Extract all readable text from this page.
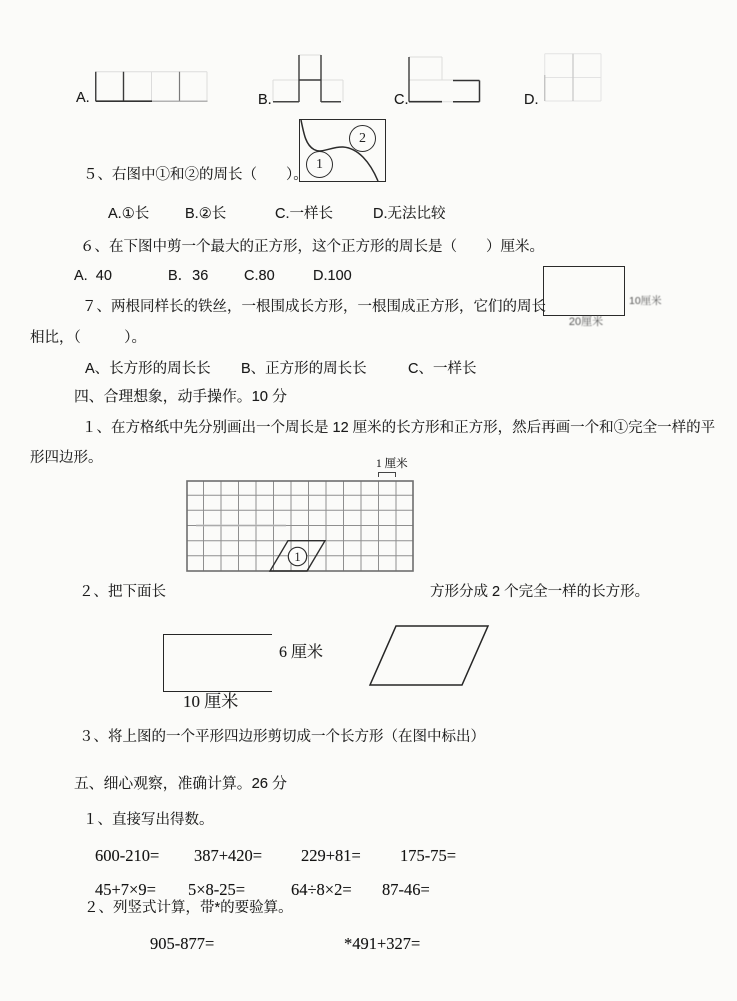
A.	B.	C.	D.
2
1
５、右图中①和②的周长（　　）。
A.①长 B.②长	C.一样长	D.无法比较
６、在下图中剪一个最大的正方形，这个正方形的周长是（　　）厘米。
A.  40	B．36 C.80	D.100
10厘米
20厘米
７、两根同样长的铁丝，一根围成长方形，一根围成正方形，它们的周长
相比，（　　　）。
A、长方形的周长长 B、正方形的周长长	C、一样长
四、合理想象，动手操作。10 分
１、在方格纸中先分别画出一个周长是 12 厘米的长方形和正方形，然后再画一个和①完全一样的平
形四边形。	1 厘米
1
２、把下面长	方形分成 2 个完全一样的长方形。
6 厘米
10 厘米
３、将上图的一个平形四边形剪切成一个长方形（在图中标出）
五、细心观察，准确计算。26 分
１、直接写出得数。
600-210= 387+420= 229+81= 175-75=
45+7×9= 5×8-25=	64÷8×2= 87-46=
２、列竖式计算，带*的要验算。
905-877=	*491+327=
